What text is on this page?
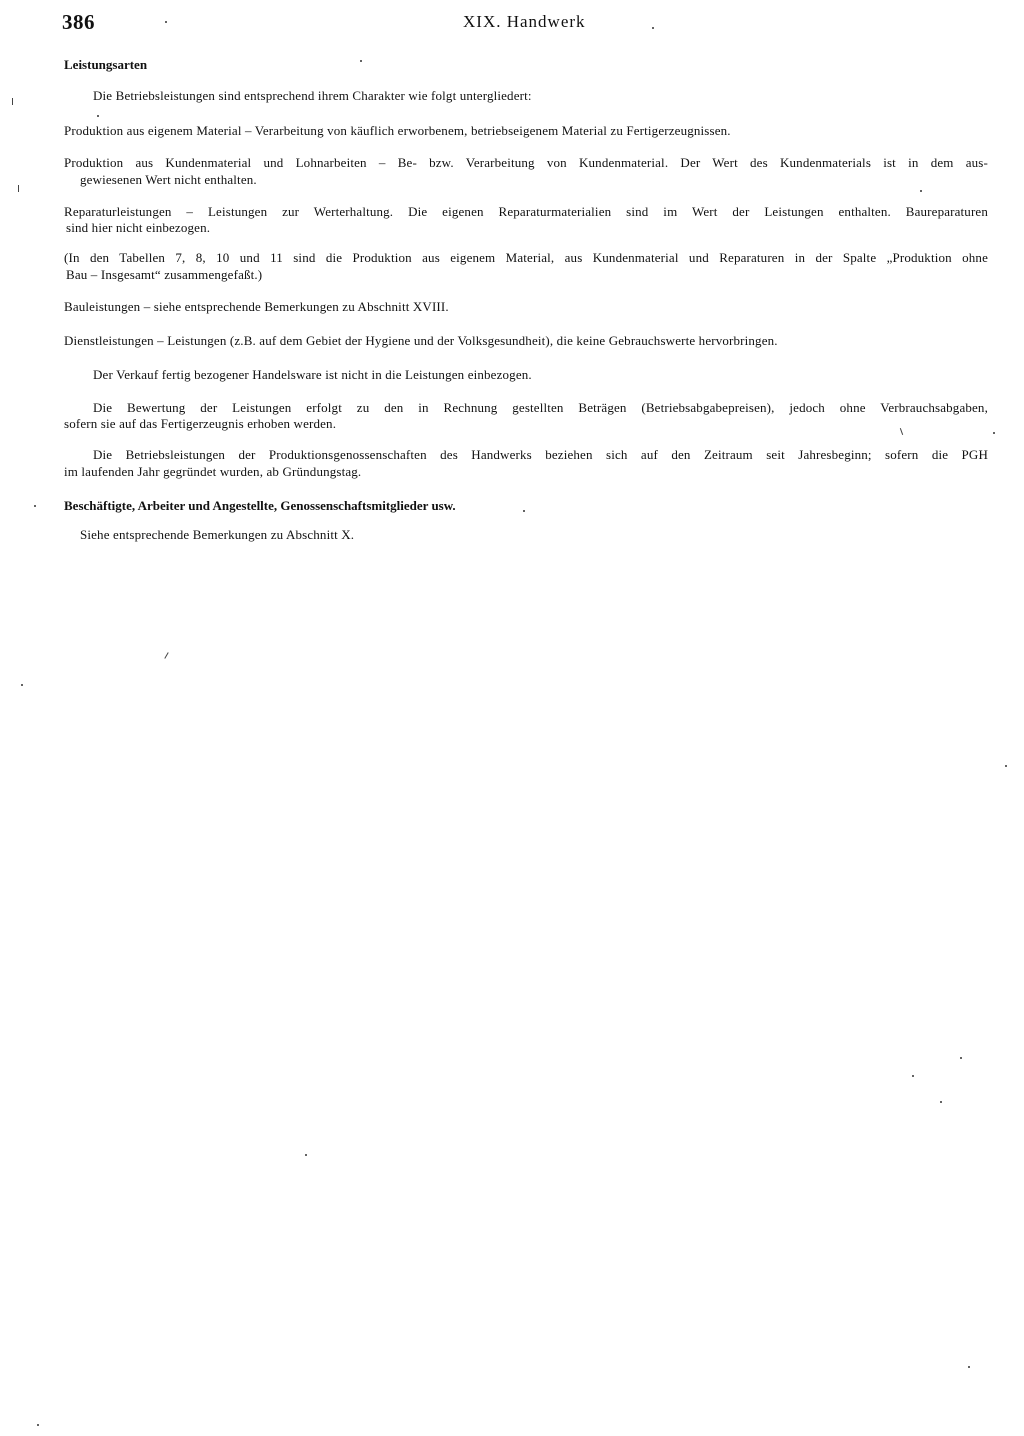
386	XIX. Handwerk
Leistungsarten
Die Betriebsleistungen sind entsprechend ihrem Charakter wie folgt untergliedert:
Produktion aus eigenem Material – Verarbeitung von käuflich erworbenem, betriebseigenem Material zu Fertigerzeugnissen.
Produktion aus Kundenmaterial und Lohnarbeiten – Be- bzw. Verarbeitung von Kundenmaterial. Der Wert des Kundenmaterials ist in dem aus-
gewiesenen Wert nicht enthalten.
Reparaturleistungen – Leistungen zur Werterhaltung. Die eigenen Reparaturmaterialien sind im Wert der Leistungen enthalten. Baureparaturen
sind hier nicht einbezogen.
(In den Tabellen 7, 8, 10 und 11 sind die Produktion aus eigenem Material, aus Kundenmaterial und Reparaturen in der Spalte „Produktion ohne
Bau – Insgesamt“ zusammengefaßt.)
Bauleistungen – siehe entsprechende Bemerkungen zu Abschnitt XVIII.
Dienstleistungen – Leistungen (z.B. auf dem Gebiet der Hygiene und der Volksgesundheit), die keine Gebrauchswerte hervorbringen.
Der Verkauf fertig bezogener Handelsware ist nicht in die Leistungen einbezogen.
Die Bewertung der Leistungen erfolgt zu den in Rechnung gestellten Beträgen (Betriebsabgabepreisen), jedoch ohne Verbrauchsabgaben,
sofern sie auf das Fertigerzeugnis erhoben werden.
Die Betriebsleistungen der Produktionsgenossenschaften des Handwerks beziehen sich auf den Zeitraum seit Jahresbeginn; sofern die PGH
im laufenden Jahr gegründet wurden, ab Gründungstag.
Beschäftigte, Arbeiter und Angestellte, Genossenschaftsmitglieder usw.
Siehe entsprechende Bemerkungen zu Abschnitt X.
